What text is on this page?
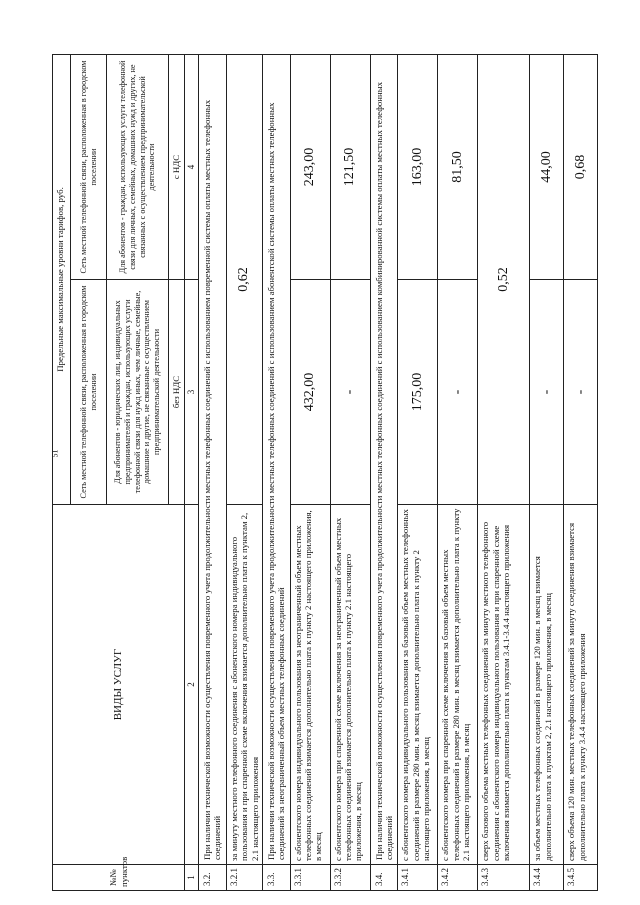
51
№№ пунктов	ВИДЫ УСЛУГ	Предельные максимальные уровни тарифов, руб.	
		Сеть местной телефонной связи, расположенная в городском поселении	Сеть местной телефонной связи, расположенная в городском поселении
		Для абонентов - юридических лиц, индивидуальных предпринимателей и граждан, использующих услуги телефонной связи для нужд иных, чем личные, семейные, домашние и другие, не связанные с осуществлением предпринимательской деятельности	Для абонентов - граждан, использующих услуги телефонной связи для личных, семейных, домашних нужд и других, не связанных с осуществлением предпринимательской деятельности
		без НДС	с НДС
1	2	3	4
3.2.	При наличии технической возможности осуществления повременного учета продолжительности местных телефонных соединений с использованием повременной системы оплаты местных телефонных соединений		
3.2.1	за минуту местного телефонного соединения с абонентского номера индивидуального пользования и при спаренной схеме включения взимается дополнительно плата к пунктам 2, 2.1 настоящего приложения	0,62	
3.3.	При наличии технической возможности осуществления повременного учета продолжительности местных телефонных соединений с использованием абонентской системы оплаты местных телефонных соединений за неограниченный объем местных телефонных соединений		
3.3.1	с абонентского номера индивидуального пользования за неограниченный объем местных телефонных соединений взимается дополнительно плата к пункту 2 настоящего приложения, в месяц	432,00	243,00
3.3.2	с абонентского номера при спаренной схеме включения за неограниченный объем местных телефонных соединений взимается дополнительно плата к пункту 2.1 настоящего приложения, в месяц	-	121,50
3.4.	При наличии технической возможности осуществления повременного учета продолжительности местных телефонных соединений с использованием комбинированной системы оплаты местных телефонных соединений		
3.4.1	с абонентского номера индивидуального пользования за базовый объем местных телефонных соединений в размере 280 мин. в месяц взимается дополнительно плата к пункту 2 настоящего приложения, в месяц	175,00	163,00
3.4.2	с абонентского номера при спаренной схеме включения за базовый объем местных телефонных соединений в размере 280 мин. в месяц взимается дополнительно плата к пункту 2.1 настоящего приложения, в месяц	-	81,50
3.4.3	сверх базового объема местных телефонных соединений за минуту местного телефонного соединения с абонентского номера индивидуального пользования и при спаренной схеме включения взимается дополнительно плата к пунктам 3.4.1-3.4.4 настоящего приложения	0,52	
3.4.4	за объем местных телефонных соединений в размере 120 мин. в месяц взимается дополнительно плата к пунктам 2, 2.1 настоящего приложения, в месяц	-	44,00
3.4.5	сверх объема 120 мин. местных телефонных соединений за минуту соединения взимается дополнительно плата к пункту 3.4.4 настоящего приложения	-	0,68
